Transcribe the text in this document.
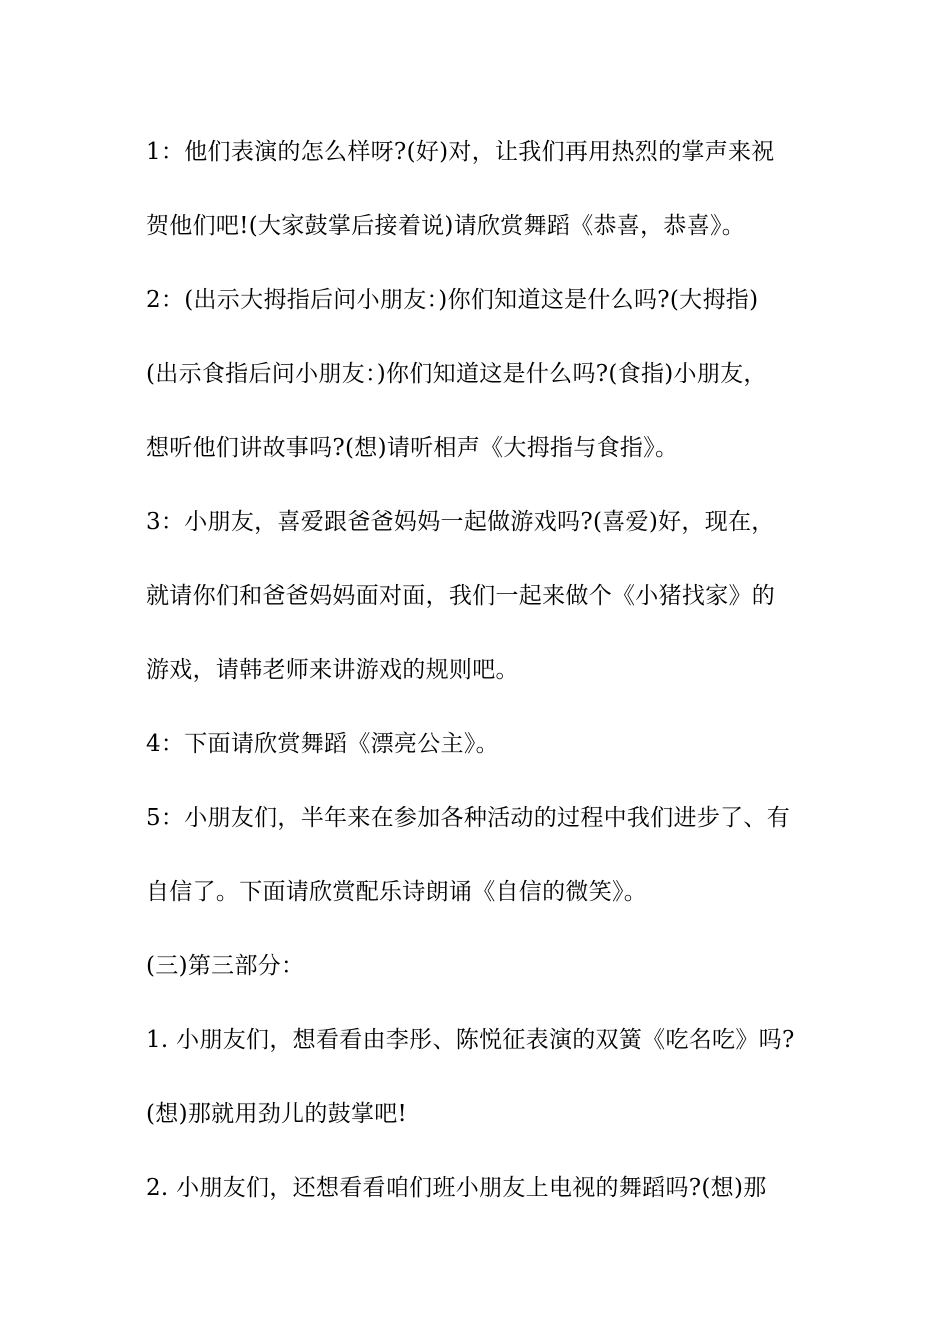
1：他们表演的怎么样呀?(好)对，让我们再用热烈的掌声来祝
贺他们吧!(大家鼓掌后接着说)请欣赏舞蹈《恭喜，恭喜》。
2：(出示大拇指后问小朋友：)你们知道这是什么吗?(大拇指)
(出示食指后问小朋友：)你们知道这是什么吗?(食指)小朋友，
想听他们讲故事吗?(想)请听相声《大拇指与食指》。
3：小朋友，喜爱跟爸爸妈妈一起做游戏吗?(喜爱)好，现在，
就请你们和爸爸妈妈面对面，我们一起来做个《小猪找家》的
游戏，请韩老师来讲游戏的规则吧。
4：下面请欣赏舞蹈《漂亮公主》。
5：小朋友们，半年来在参加各种活动的过程中我们进步了、有
自信了。下面请欣赏配乐诗朗诵《自信的微笑》。
(三)第三部分：
1. 小朋友们，想看看由李彤、陈悦征表演的双簧《吃名吃》吗?
(想)那就用劲儿的鼓掌吧!
2. 小朋友们，还想看看咱们班小朋友上电视的舞蹈吗?(想)那
